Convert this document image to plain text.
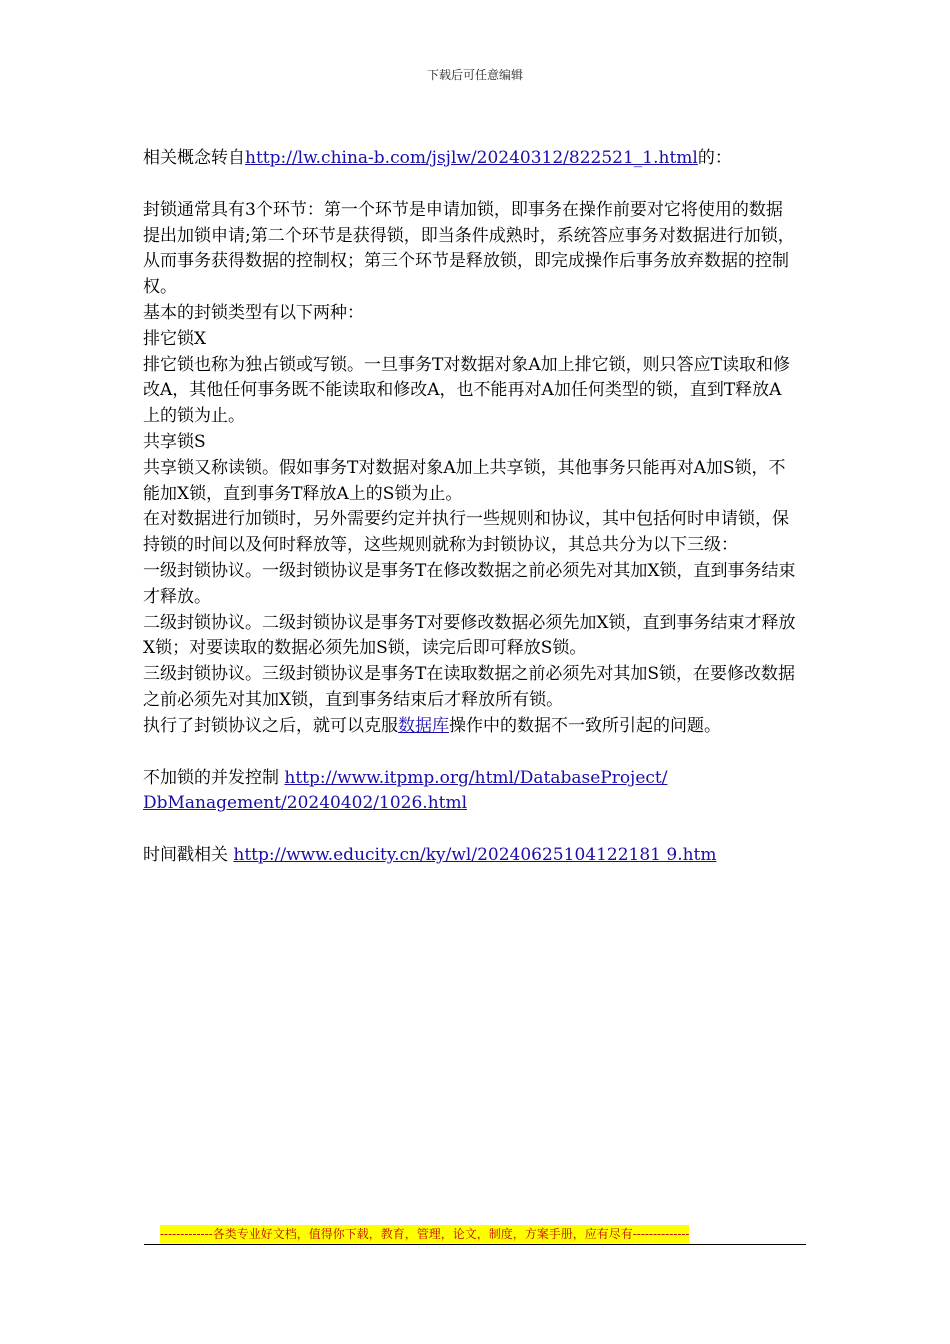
下载后可任意编辑

相关概念转自http://lw.china-b.com/jsjlw/20240312/822521_1.html的：

封锁通常具有3个环节：第一个环节是申请加锁，即事务在操作前要对它将使用的数据提出加锁申请;第二个环节是获得锁，即当条件成熟时，系统答应事务对数据进行加锁，从而事务获得数据的控制权；第三个环节是释放锁，即完成操作后事务放弃数据的控制权。

基本的封锁类型有以下两种：

排它锁X

排它锁也称为独占锁或写锁。一旦事务T对数据对象A加上排它锁，则只答应T读取和修改A，其他任何事务既不能读取和修改A，也不能再对A加任何类型的锁，直到T释放A上的锁为止。

共享锁S

共享锁又称读锁。假如事务T对数据对象A加上共享锁，其他事务只能再对A加S锁，不能加X锁，直到事务T释放A上的S锁为止。

在对数据进行加锁时，另外需要约定并执行一些规则和协议，其中包括何时申请锁，保持锁的时间以及何时释放等，这些规则就称为封锁协议，其总共分为以下三级：

一级封锁协议。一级封锁协议是事务T在修改数据之前必须先对其加X锁，直到事务结束才释放。

二级封锁协议。二级封锁协议是事务T对要修改数据必须先加X锁，直到事务结束才释放X锁；对要读取的数据必须先加S锁，读完后即可释放S锁。

三级封锁协议。三级封锁协议是事务T在读取数据之前必须先对其加S锁，在要修改数据之前必须先对其加X锁，直到事务结束后才释放所有锁。

执行了封锁协议之后，就可以克服数据库操作中的数据不一致所引起的问题。

不加锁的并发控制 http://www.itpmp.org/html/DatabaseProject/
DbManagement/20240402/1026.html

时间戳相关 http://www.educity.cn/ky/wl/20240625104122181 9.htm

-------------各类专业好文档，值得你下载，教育，管理，论文，制度，方案手册，应有尽有--------------
